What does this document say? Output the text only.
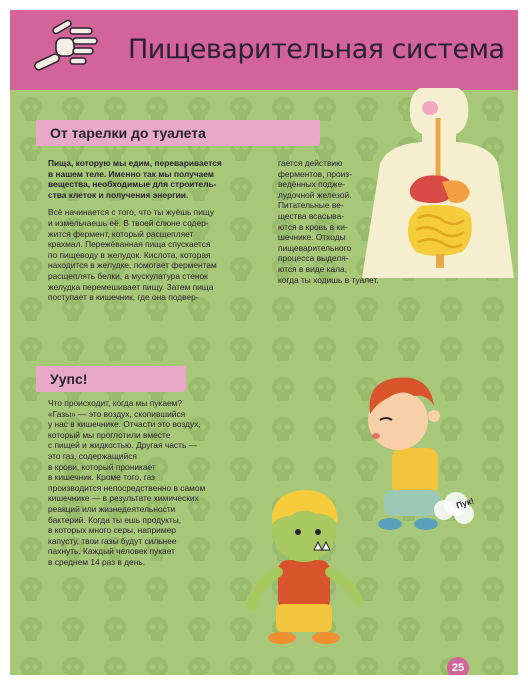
Пищеварительная система
От тарелки до туалета

Пища, которую мы едим, переваривается
в нашем теле. Именно так мы получаем
вещества, необходимые для строитель-
ства клеток и получения энергии.

Всё начинается с того, что ты жуёшь пищу
и измельчаешь её. В твоей слюне содер-
жится фермент, который расщепляет
крахмал. Пережёванная пища спускается
по пищеводу в желудок. Кислота, которая
находится в желудке, помогает ферментам
расщеплять белки, а мускулатура стенок
желудка перемешивает пищу. Затем пища
поступает в кишечник, где она подвер-

гается действию
ферментов, произ-
ведённых подже-
лудочной железой.
Питательные ве-
щества всасыва-
ются в кровь в ки-
шечнике. Отходы
пищеварительного
процесса выделя-
ются в виде кала,
когда ты ходишь в туалет.

Уупс!

Что происходит, когда мы пукаем?
«Газы» — это воздух, скопившийся
у нас в кишечнике. Отчасти это воздух,
который мы проглотили вместе
с пищей и жидкостью. Другая часть —
это газ, содержащийся
в крови, который проникает
в кишечник. Кроме того, газ
производится непосредственно в самом
кишечнике — в результате химических
реакций или жизнедеятельности
бактерий. Когда ты ешь продукты,
в которых много серы, например
капусту, твои газы будут сильнее
пахнуть. Каждый человек пукает
в среднем 14 раз в день.

Пук!
25
